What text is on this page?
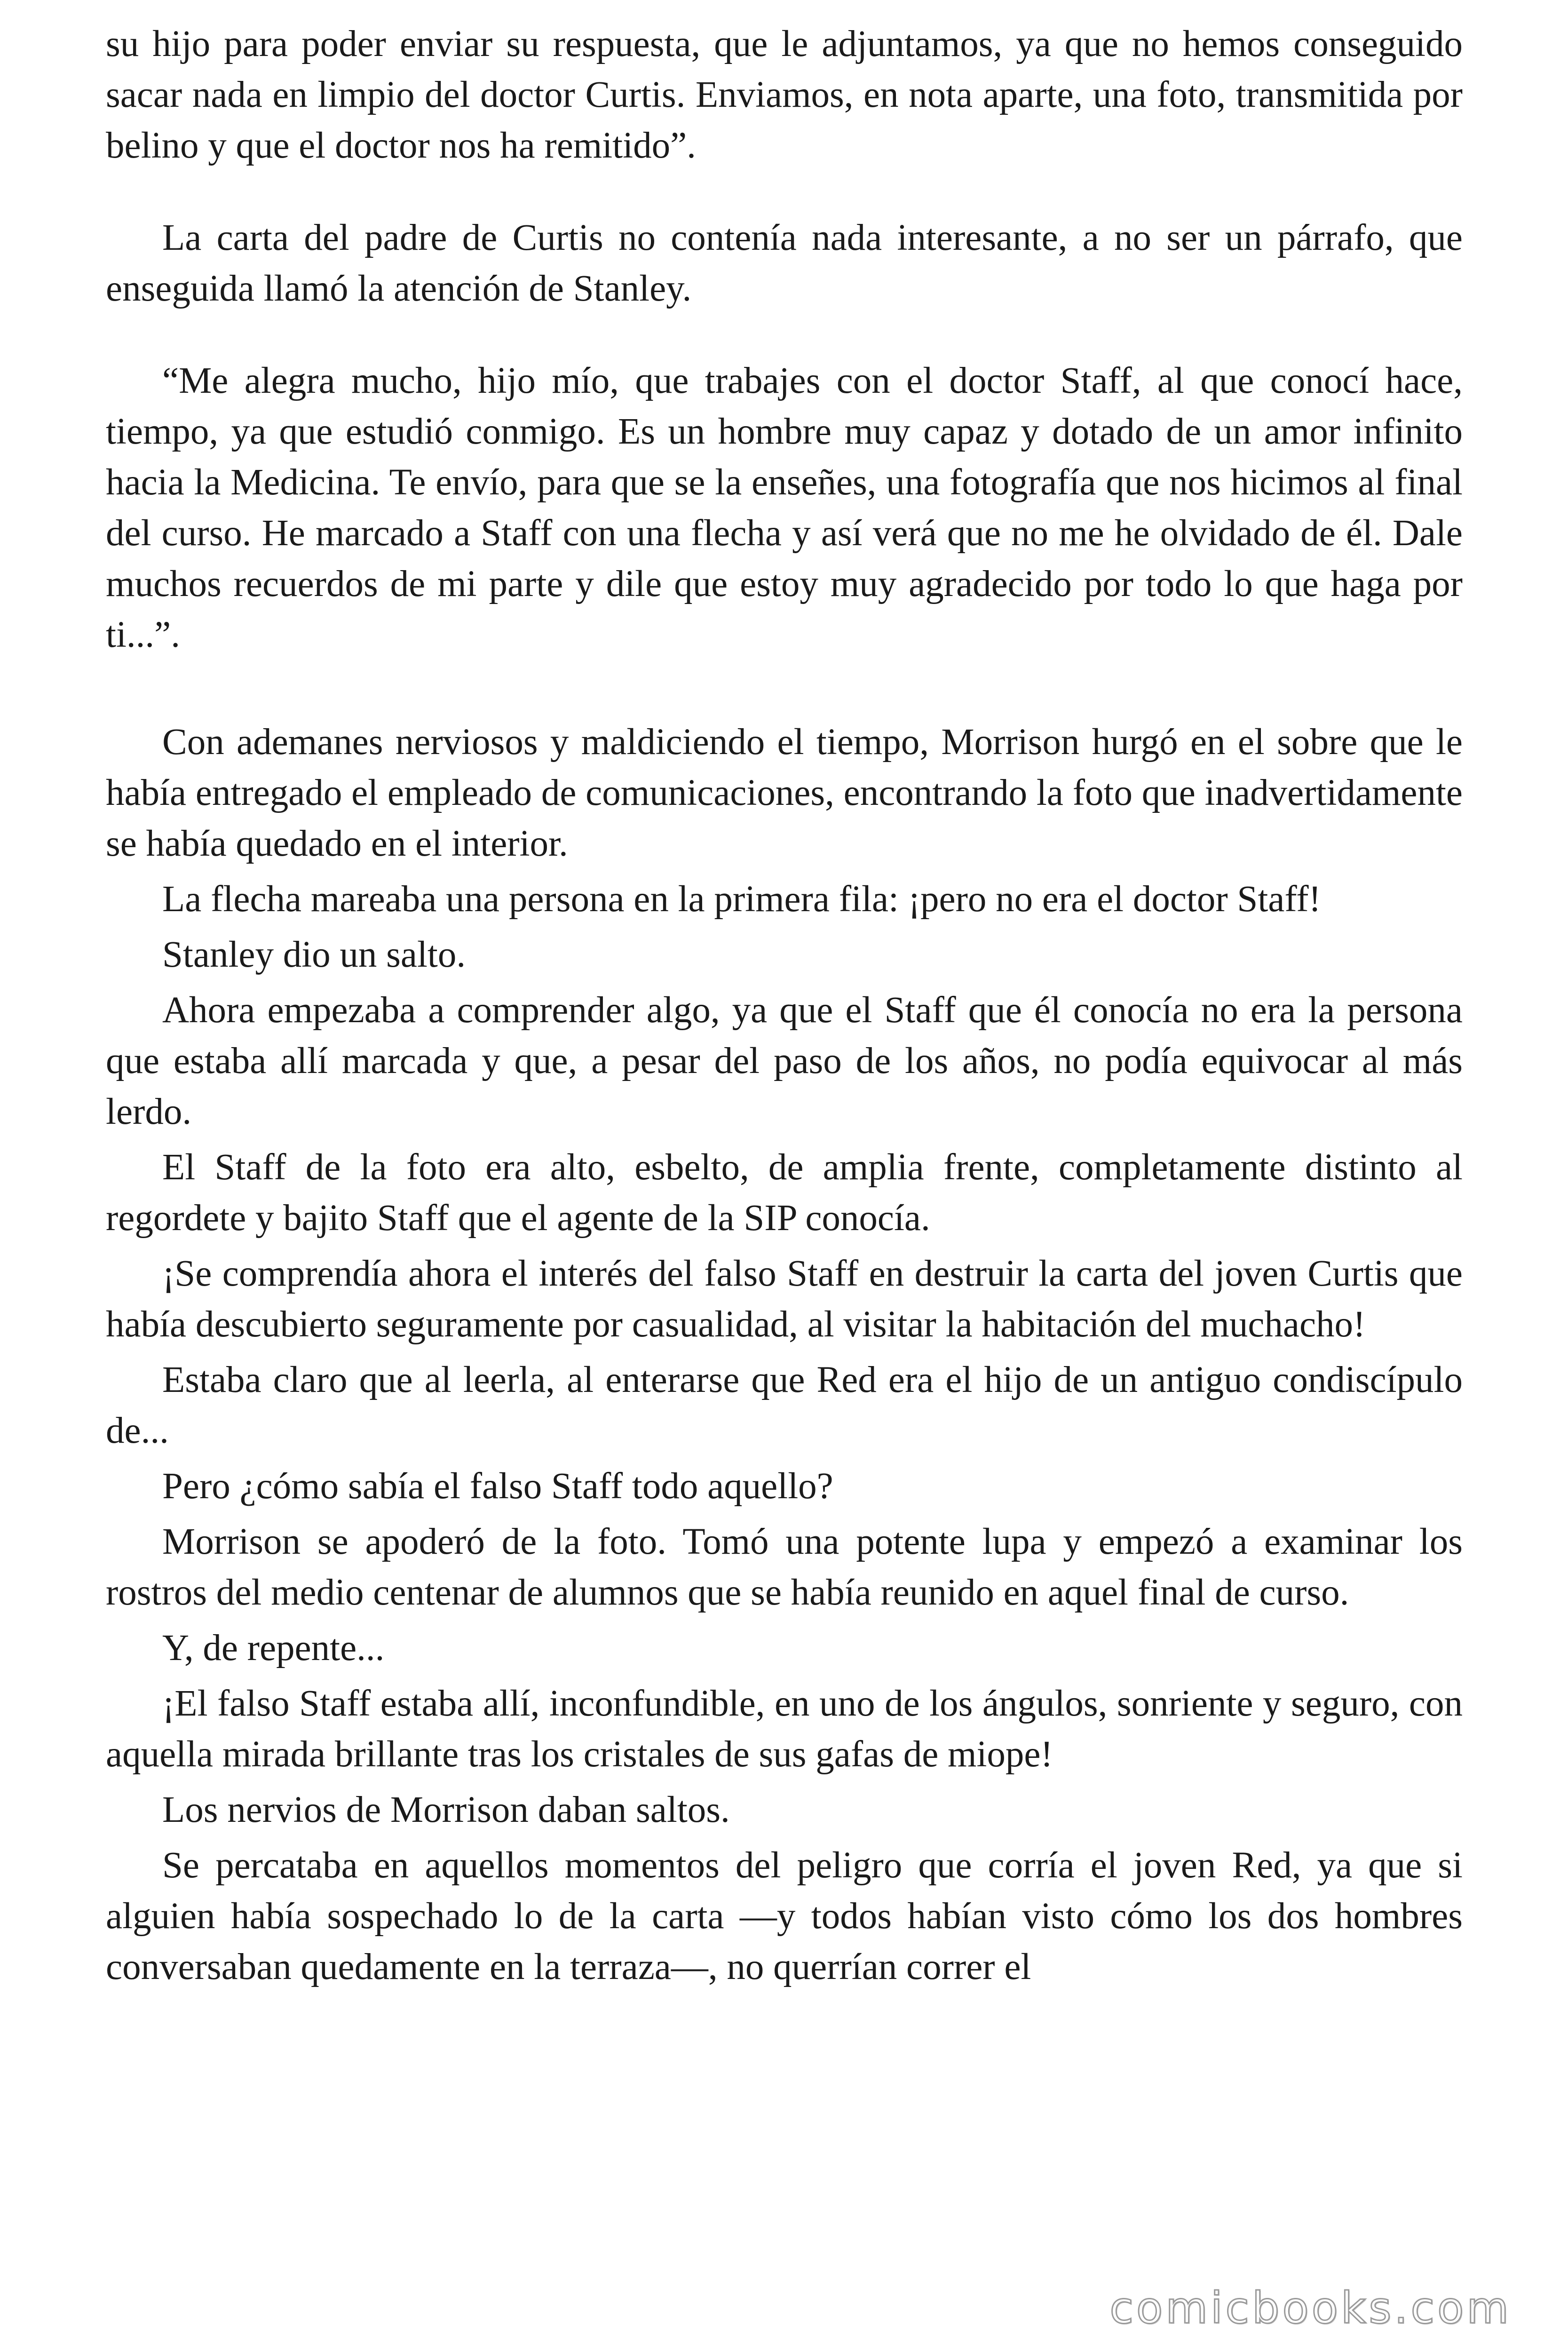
su hijo para poder enviar su respuesta, que le adjuntamos, ya que no hemos conseguido sacar nada en limpio del doctor Curtis. Enviamos, en nota aparte, una foto, transmitida por belino y que el doctor nos ha remitido”.

La carta del padre de Curtis no contenía nada interesante, a no ser un párrafo, que enseguida llamó la atención de Stanley.

“Me alegra mucho, hijo mío, que trabajes con el doctor Staff, al que conocí hace, tiempo, ya que estudió conmigo. Es un hombre muy capaz y dotado de un amor infinito hacia la Medicina. Te envío, para que se la enseñes, una fotografía que nos hicimos al final del curso. He marcado a Staff con una flecha y así verá que no me he olvidado de él. Dale muchos recuerdos de mi parte y dile que estoy muy agradecido por todo lo que haga por ti...”.

Con ademanes nerviosos y maldiciendo el tiempo, Morrison hurgó en el sobre que le había entregado el empleado de comunicaciones, encontrando la foto que inadvertidamente se había quedado en el interior.

La flecha mareaba una persona en la primera fila: ¡pero no era el doctor Staff!

Stanley dio un salto.

Ahora empezaba a comprender algo, ya que el Staff que él conocía no era la persona que estaba allí marcada y que, a pesar del paso de los años, no podía equivocar al más lerdo.

El Staff de la foto era alto, esbelto, de amplia frente, completamente distinto al regordete y bajito Staff que el agente de la SIP conocía.

¡Se comprendía ahora el interés del falso Staff en destruir la carta del joven Curtis que había descubierto seguramente por casualidad, al visitar la habitación del muchacho!

Estaba claro que al leerla, al enterarse que Red era el hijo de un antiguo condiscípulo de...

Pero ¿cómo sabía el falso Staff todo aquello?

Morrison se apoderó de la foto. Tomó una potente lupa y empezó a examinar los rostros del medio centenar de alumnos que se había reunido en aquel final de curso.

Y, de repente...

¡El falso Staff estaba allí, inconfundible, en uno de los ángulos, sonriente y seguro, con aquella mirada brillante tras los cristales de sus gafas de miope!

Los nervios de Morrison daban saltos.

Se percataba en aquellos momentos del peligro que corría el joven Red, ya que si alguien había sospechado lo de la carta —y todos habían visto cómo los dos hombres conversaban quedamente en la terraza—, no querrían correr el

comicbooks.com
